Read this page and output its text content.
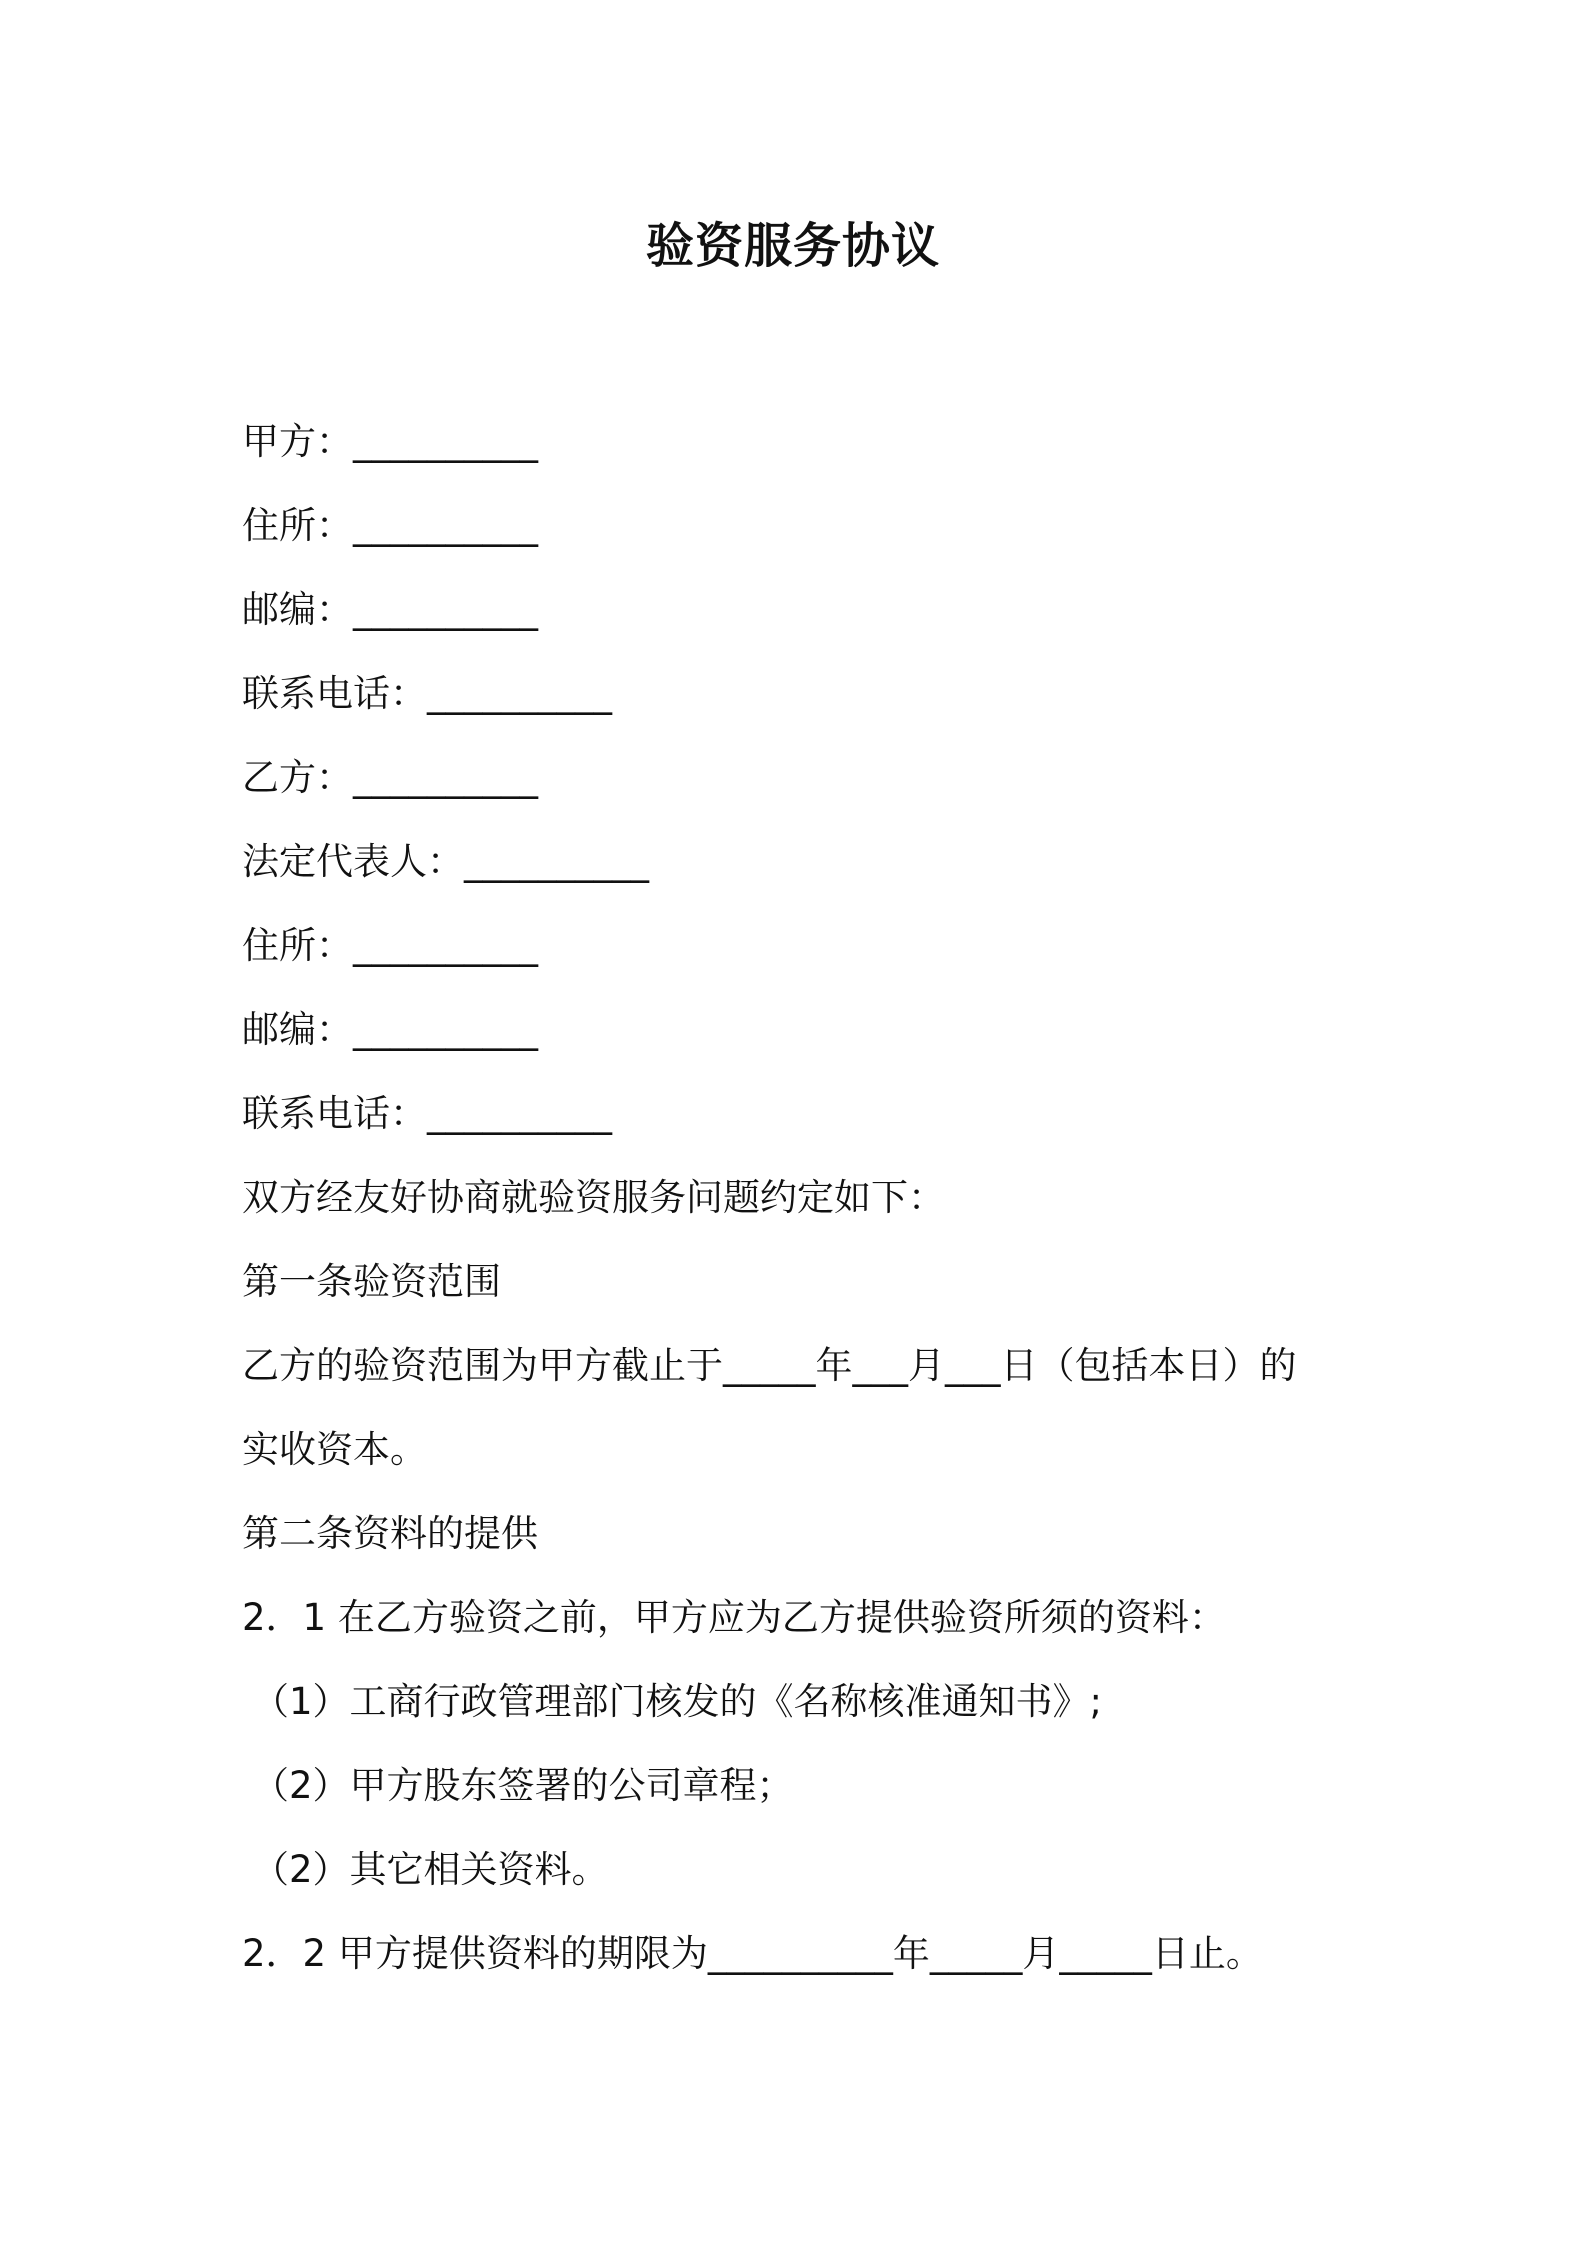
验资服务协议

甲方：__________

住所：__________

邮编：__________

联系电话：__________

乙方：__________

法定代表人：__________

住所：__________

邮编：__________

联系电话：__________

双方经友好协商就验资服务问题约定如下：

第一条验资范围

乙方的验资范围为甲方截止于_____年___月___日（包括本日）的

实收资本。

第二条资料的提供

2．1 在乙方验资之前，甲方应为乙方提供验资所须的资料：

（1）工商行政管理部门核发的《名称核准通知书》;

（2）甲方股东签署的公司章程；

（2）其它相关资料。

2．2 甲方提供资料的期限为__________年_____月_____日止。
